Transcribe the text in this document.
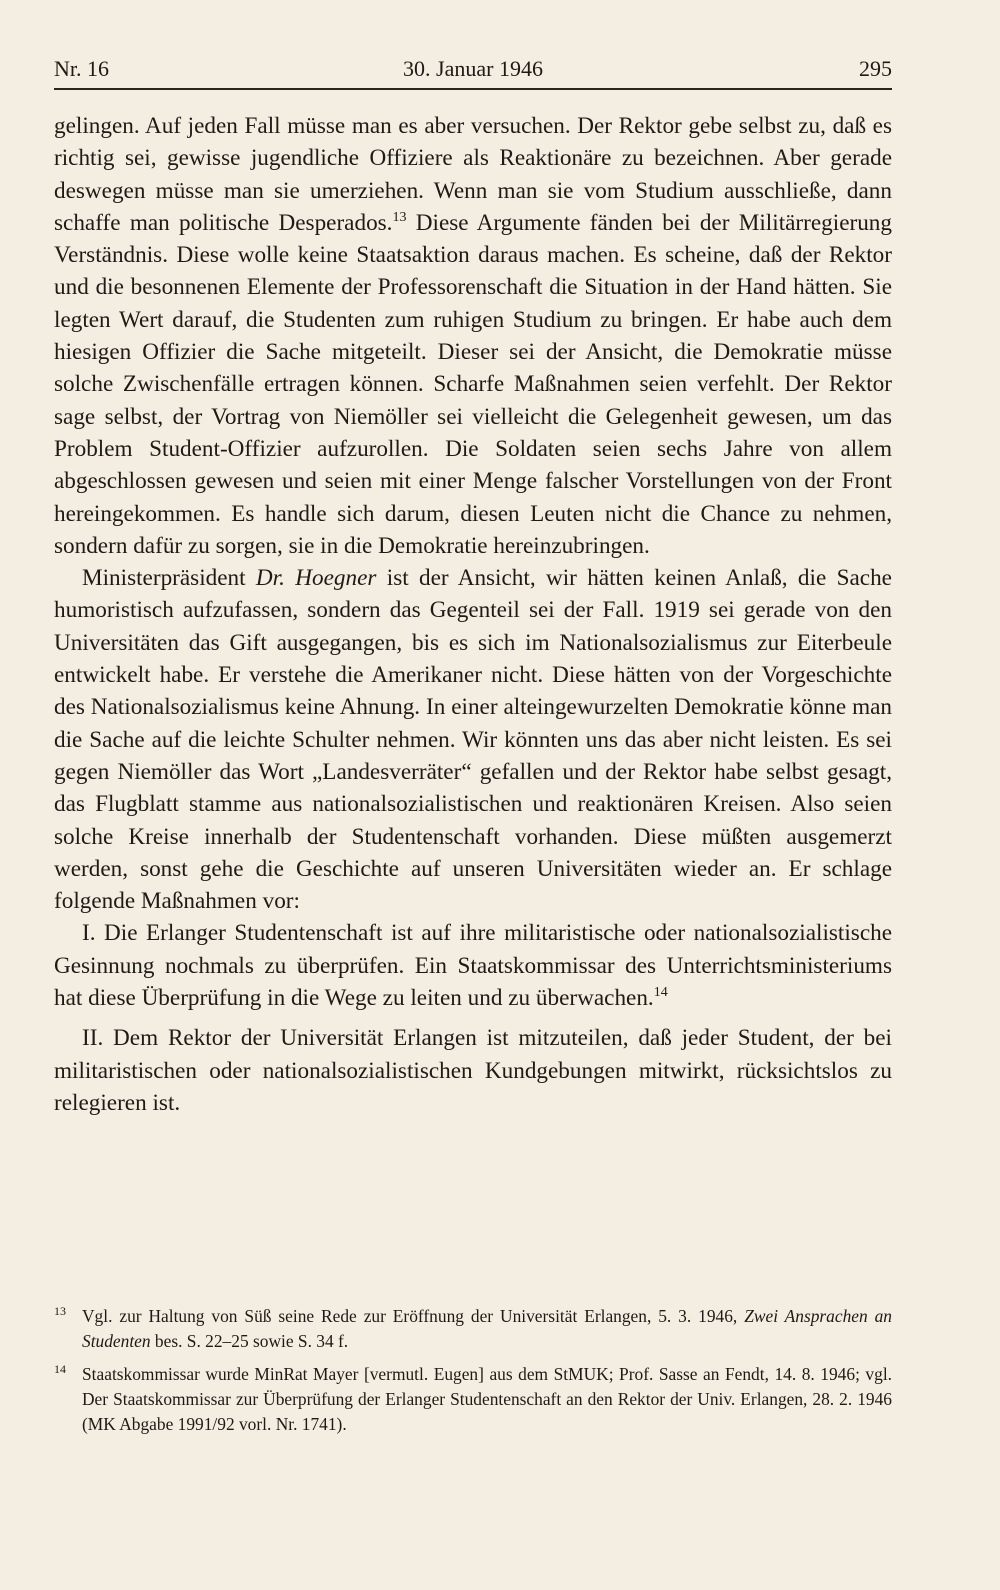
Nr. 16	30. Januar 1946	295

gelingen. Auf jeden Fall müsse man es aber versuchen. Der Rektor gebe selbst zu, daß es richtig sei, gewisse jugendliche Offiziere als Reaktionäre zu bezeichnen. Aber gerade deswegen müsse man sie umerziehen. Wenn man sie vom Studium ausschließe, dann schaffe man politische Desperados.$^{13}$ Diese Argumente fänden bei der Militärregierung Verständnis. Diese wolle keine Staatsaktion daraus machen. Es scheine, daß der Rektor und die besonnenen Elemente der Professorenschaft die Situation in der Hand hätten. Sie legten Wert darauf, die Studenten zum ruhigen Studium zu bringen. Er habe auch dem hiesigen Offizier die Sache mitgeteilt. Dieser sei der Ansicht, die Demokratie müsse solche Zwischenfälle ertragen können. Scharfe Maßnahmen seien verfehlt. Der Rektor sage selbst, der Vortrag von Niemöller sei vielleicht die Gelegenheit gewesen, um das Problem Student-Offizier aufzurollen. Die Soldaten seien sechs Jahre von allem abgeschlossen gewesen und seien mit einer Menge falscher Vorstellungen von der Front hereingekommen. Es handle sich darum, diesen Leuten nicht die Chance zu nehmen, sondern dafür zu sorgen, sie in die Demokratie hereinzubringen.

Ministerpräsident Dr. Hoegner ist der Ansicht, wir hätten keinen Anlaß, die Sache humoristisch aufzufassen, sondern das Gegenteil sei der Fall. 1919 sei gerade von den Universitäten das Gift ausgegangen, bis es sich im Nationalsozialismus zur Eiterbeule entwickelt habe. Er verstehe die Amerikaner nicht. Diese hätten von der Vorgeschichte des Nationalsozialismus keine Ahnung. In einer alteingewurzelten Demokratie könne man die Sache auf die leichte Schulter nehmen. Wir könnten uns das aber nicht leisten. Es sei gegen Niemöller das Wort „Landesverräter“ gefallen und der Rektor habe selbst gesagt, das Flugblatt stamme aus nationalsozialistischen und reaktionären Kreisen. Also seien solche Kreise innerhalb der Studentenschaft vorhanden. Diese müßten ausgemerzt werden, sonst gehe die Geschichte auf unseren Universitäten wieder an. Er schlage folgende Maßnahmen vor:

I. Die Erlanger Studentenschaft ist auf ihre militaristische oder nationalsozialistische Gesinnung nochmals zu überprüfen. Ein Staatskommissar des Unterrichtsministeriums hat diese Überprüfung in die Wege zu leiten und zu überwachen.$^{14}$

II. Dem Rektor der Universität Erlangen ist mitzuteilen, daß jeder Student, der bei militaristischen oder nationalsozialistischen Kundgebungen mitwirkt, rücksichtslos zu relegieren ist.

13 Vgl. zur Haltung von Süß seine Rede zur Eröffnung der Universität Erlangen, 5. 3. 1946, Zwei Ansprachen an Studenten bes. S. 22–25 sowie S. 34 f.
14 Staatskommissar wurde MinRat Mayer [vermutl. Eugen] aus dem StMUK; Prof. Sasse an Fendt, 14. 8. 1946; vgl. Der Staatskommissar zur Überprüfung der Erlanger Studentenschaft an den Rektor der Univ. Erlangen, 28. 2. 1946 (MK Abgabe 1991/92 vorl. Nr. 1741).
